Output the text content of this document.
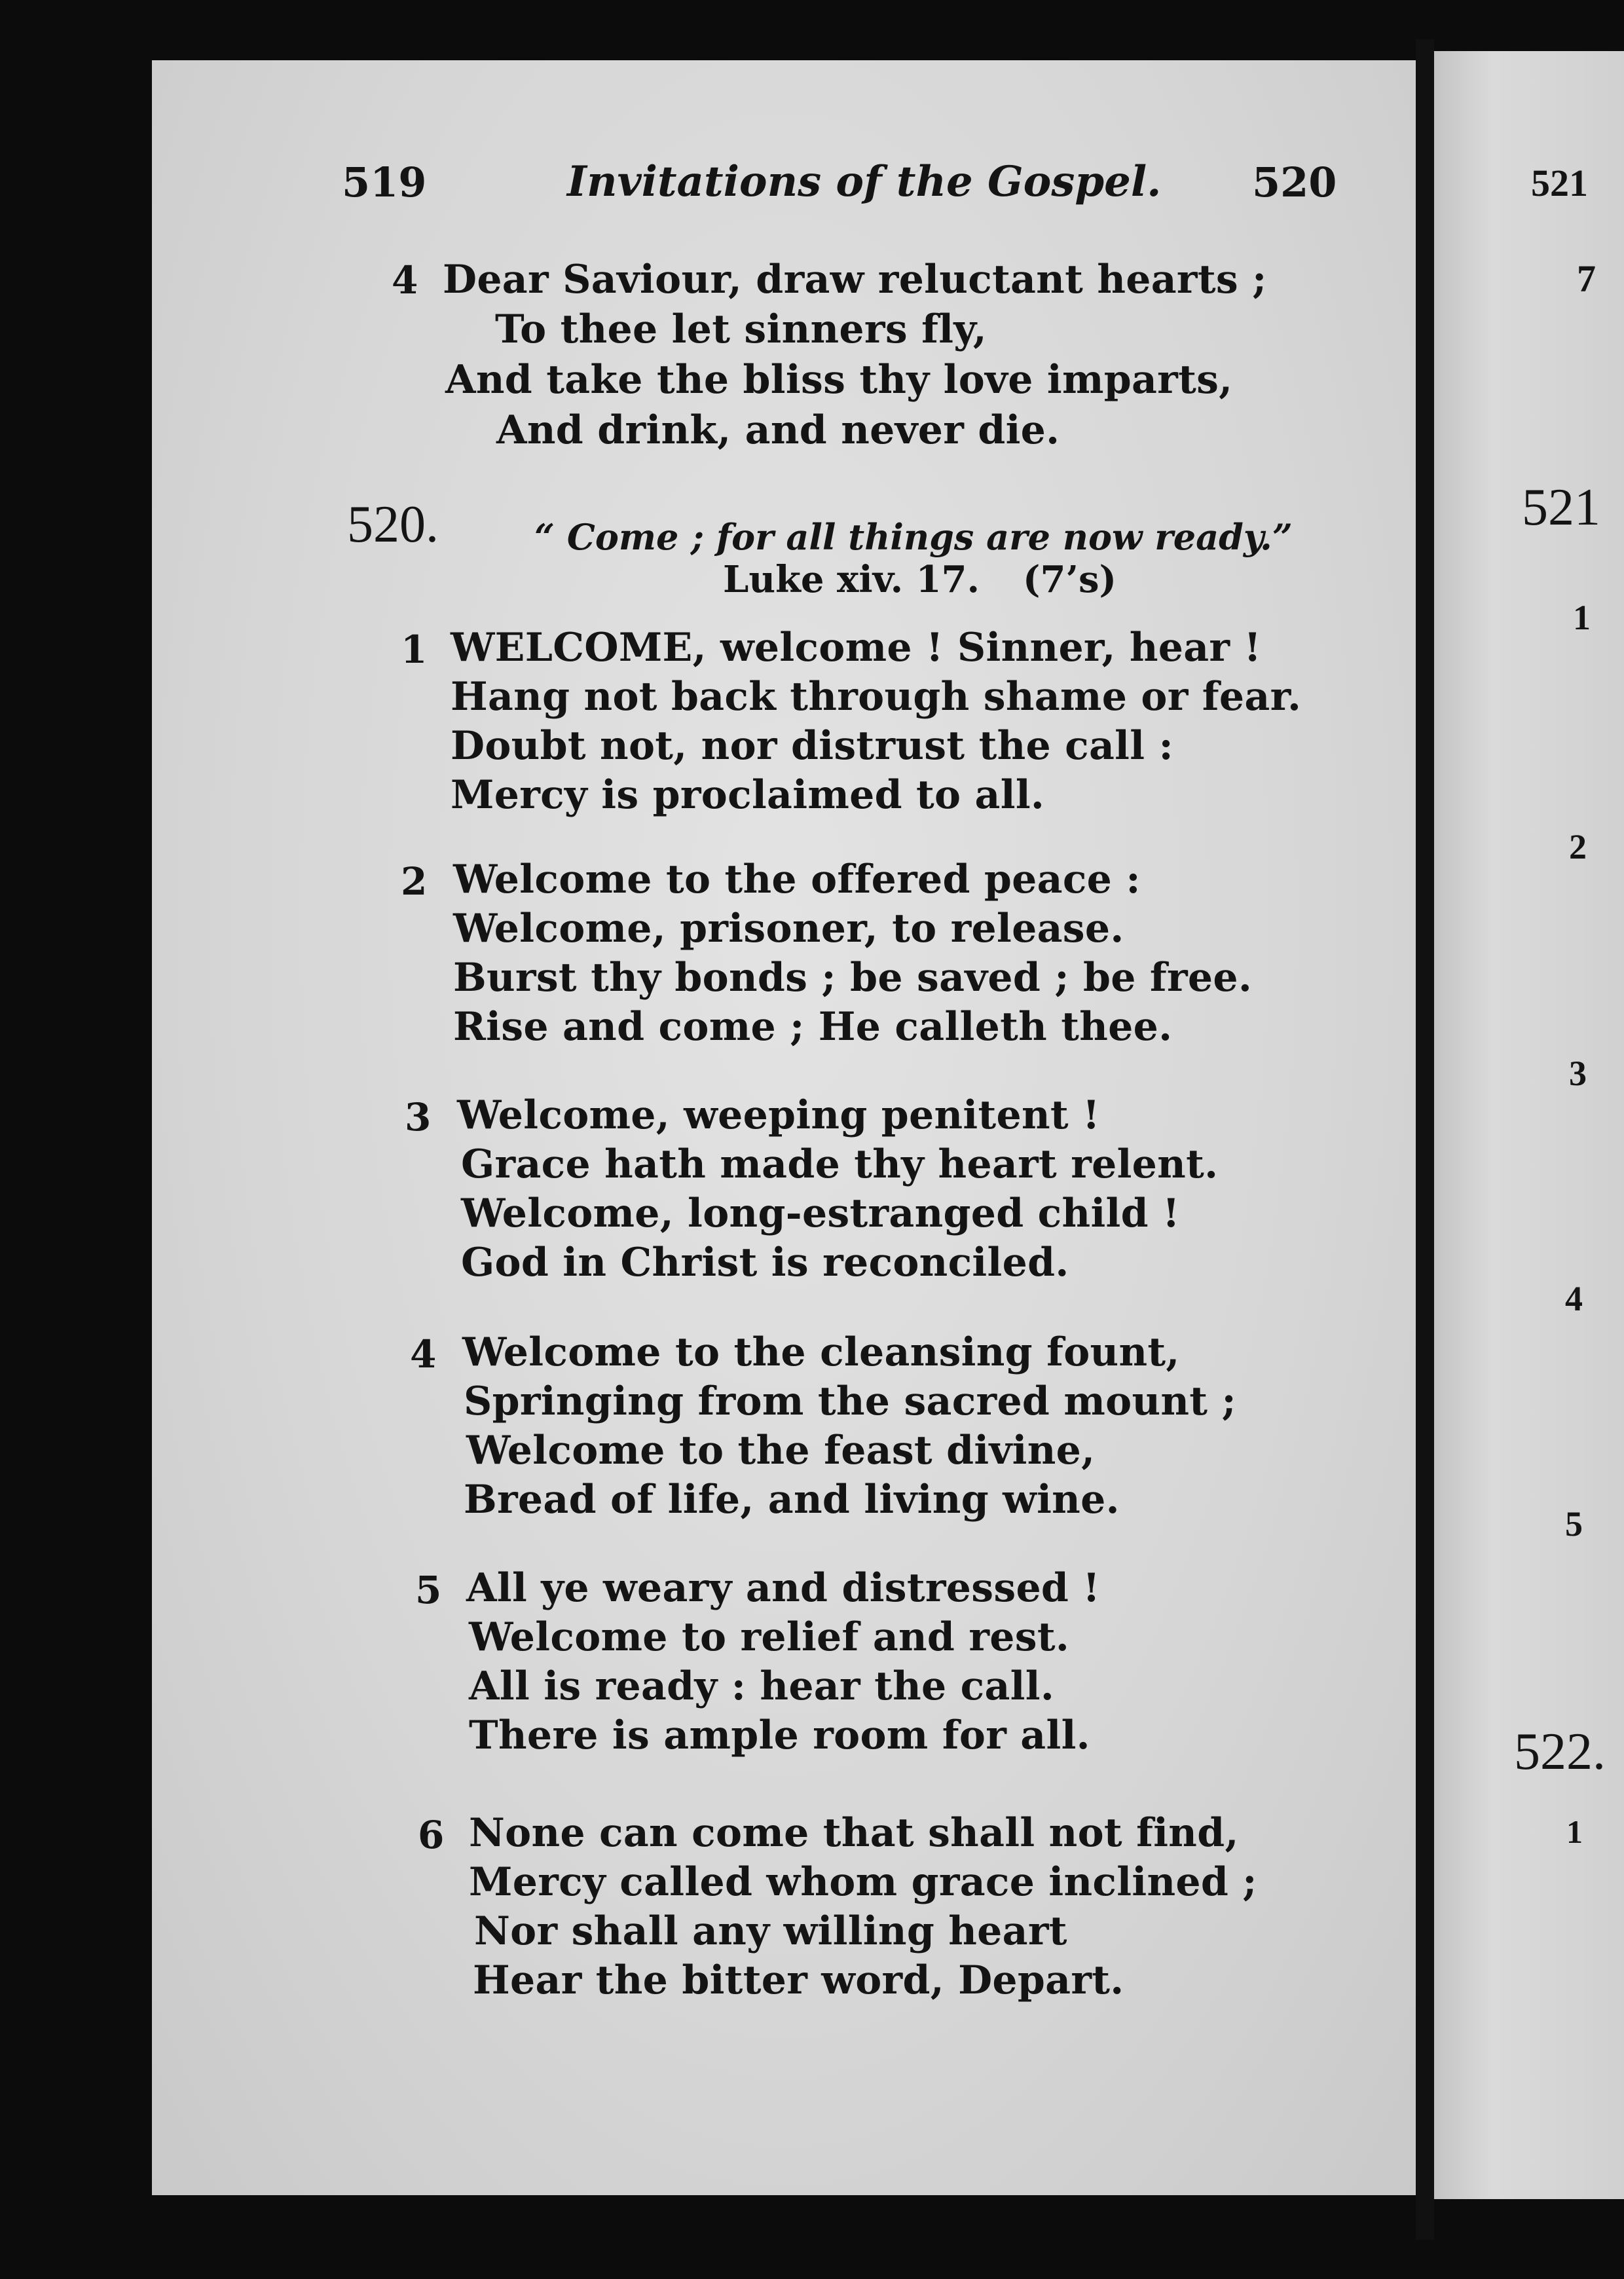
519	Invitations of the Gospel. 520
4 Dear Saviour, draw reluctant hearts ;
To thee let sinners fly,
And take the bliss thy love imparts,
And drink, and never die.
520.	“ Come ; for all things are now ready.”
Luke xiv. 17. (7’s)
1 WELCOME, welcome ! Sinner, hear !
Hang not back through shame or fear.
Doubt not, nor distrust the call :
Mercy is proclaimed to all.
2 Welcome to the offered peace :
Welcome, prisoner, to release.
Burst thy bonds ; be saved ; be free.
Rise and come ; He calleth thee.
3 Welcome, weeping penitent !
Grace hath made thy heart relent.
Welcome, long-estranged child !
God in Christ is reconciled.
4 Welcome to the cleansing fount,
Springing from the sacred mount ;
Welcome to the feast divine,
Bread of life, and living wine.
5 All ye weary and distressed !
Welcome to relief and rest.
All is ready : hear the call.
There is ample room for all.
6 None can come that shall not find,
Mercy called whom grace inclined ;
Nor shall any willing heart
Hear the bitter word, Depart.
521
7
521
1
2
3
4
5
522.
1
